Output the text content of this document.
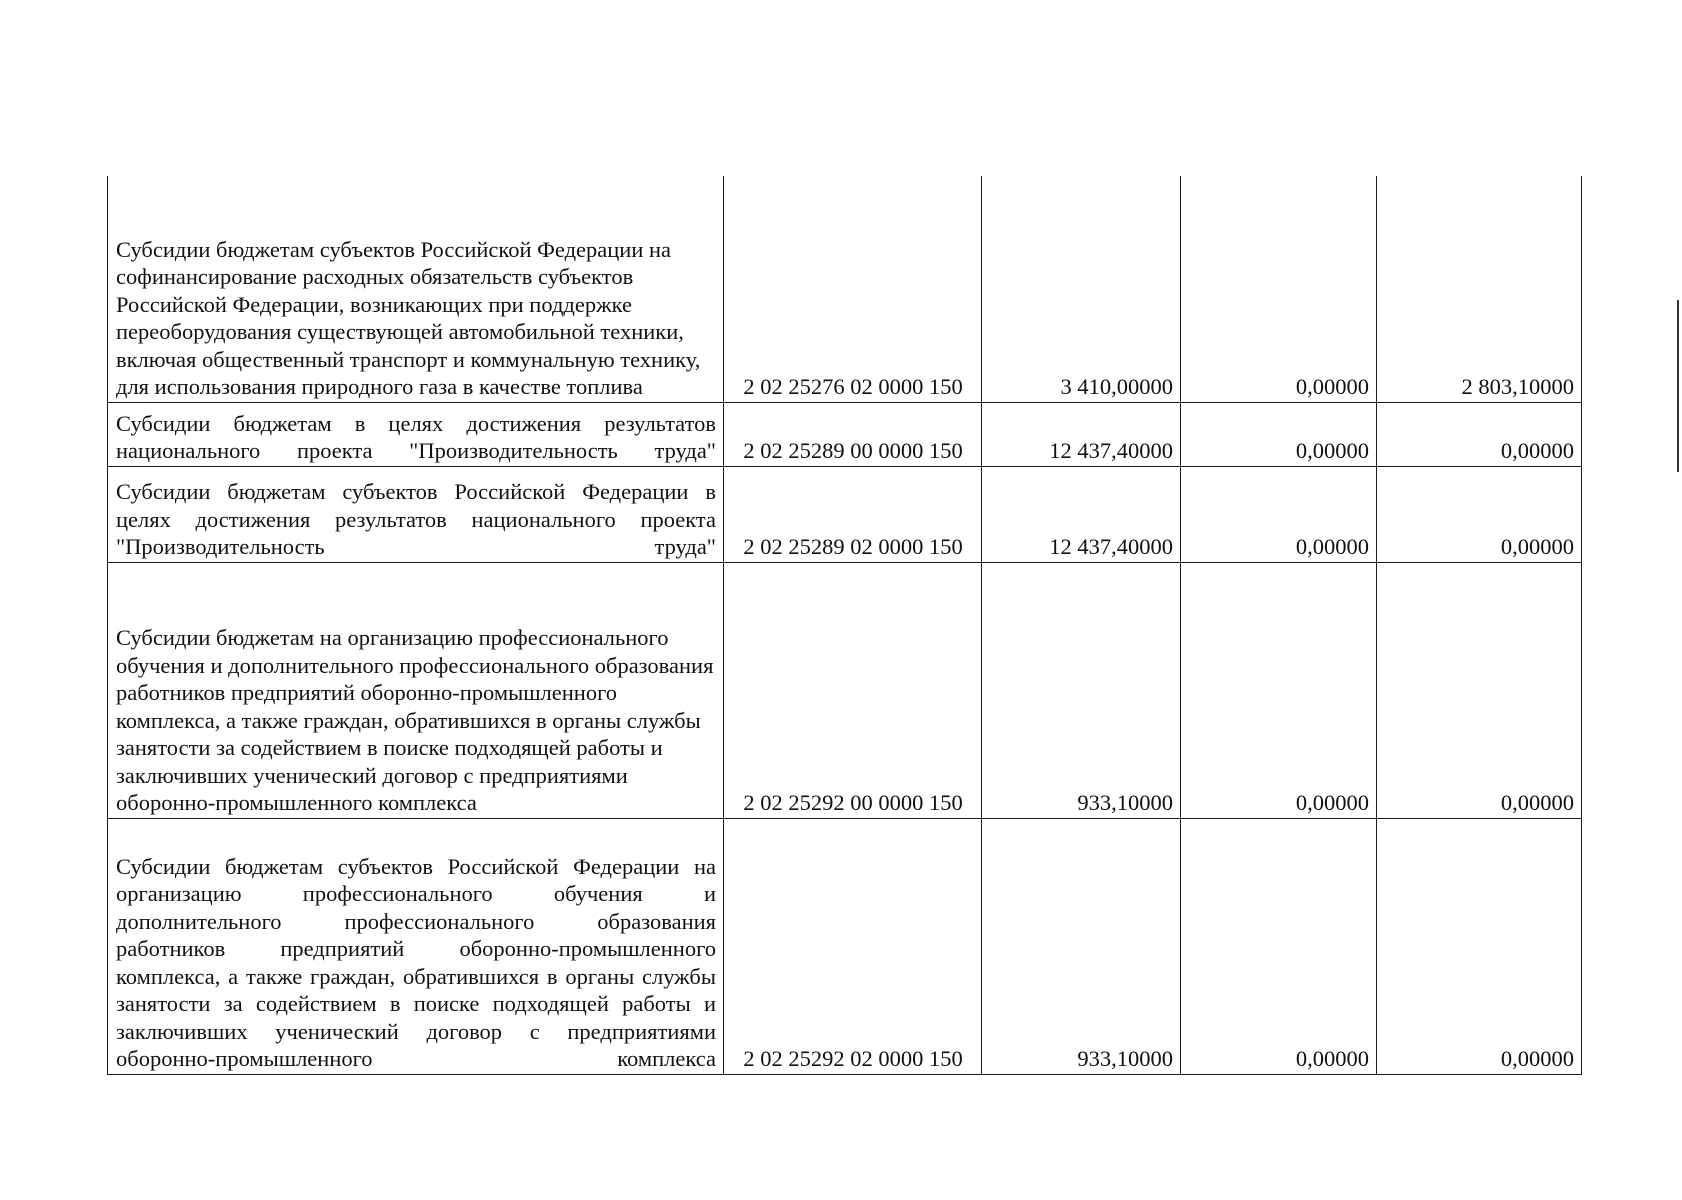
Субсидии бюджетам субъектов Российской Федерации на софинансирование расходных обязательств субъектов Российской Федерации, возникающих при поддержке переоборудования существующей автомобильной техники, включая общественный транспорт и коммунальную технику, для использования природного газа в качестве топлива	2 02 25276 02 0000 150	3 410,00000	0,00000	2 803,10000
Субсидии бюджетам в целях достижения результатов национального проекта "Производительность труда"	2 02 25289 00 0000 150	12 437,40000	0,00000	0,00000
Субсидии бюджетам субъектов Российской Федерации в целях достижения результатов национального проекта "Производительность труда"	2 02 25289 02 0000 150	12 437,40000	0,00000	0,00000
Субсидии бюджетам на организацию профессионального обучения и дополнительного профессионального образования работников предприятий оборонно-промышленного комплекса, а также граждан, обратившихся в органы службы занятости за содействием в поиске подходящей работы и заключивших ученический договор с предприятиями оборонно-промышленного комплекса	2 02 25292 00 0000 150	933,10000	0,00000	0,00000
Субсидии бюджетам субъектов Российской Федерации на организацию профессионального обучения и дополнительного профессионального образования работников предприятий оборонно-промышленного комплекса, а также граждан, обратившихся в органы службы занятости за содействием в поиске подходящей работы и заключивших ученический договор с предприятиями оборонно-промышленного комплекса	2 02 25292 02 0000 150	933,10000	0,00000	0,00000
